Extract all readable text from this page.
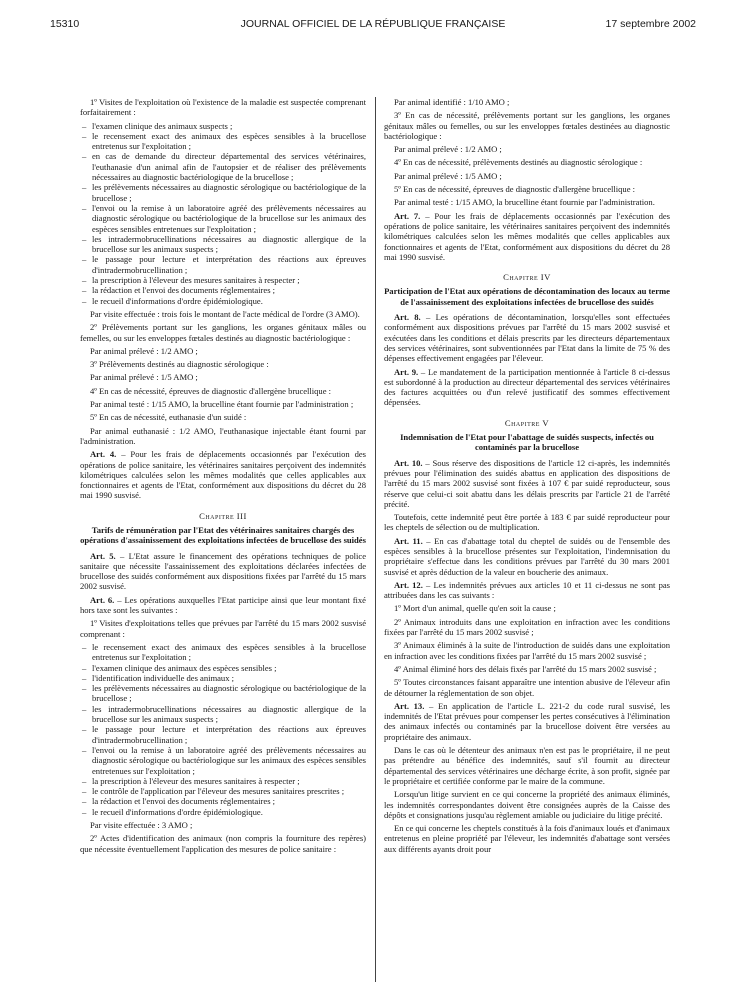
15310	JOURNAL OFFICIEL DE LA RÉPUBLIQUE FRANÇAISE	17 septembre 2002

1º Visites de l'exploitation où l'existence de la maladie est suspectée comprenant forfaitairement :

– l'examen clinique des animaux suspects ;
– le recensement exact des animaux des espèces sensibles à la brucellose entretenus sur l'exploitation ;
– en cas de demande du directeur départemental des services vétérinaires, l'euthanasie d'un animal afin de l'autopsier et de réaliser des prélèvements nécessaires au diagnostic bactériologique de la brucellose ;
– les prélèvements nécessaires au diagnostic sérologique ou bactériologique de la brucellose ;
– l'envoi ou la remise à un laboratoire agréé des prélèvements nécessaires au diagnostic sérologique ou bactériologique de la brucellose sur les animaux des espèces sensibles entretenues sur l'exploitation ;
– les intradermobrucellinations nécessaires au diagnostic allergique de la brucellose sur les animaux suspects ;
– le passage pour lecture et interprétation des réactions aux épreuves d'intradermobrucellination ;
– la prescription à l'éleveur des mesures sanitaires à respecter ;
– la rédaction et l'envoi des documents réglementaires ;
– le recueil d'informations d'ordre épidémiologique.

Par visite effectuée : trois fois le montant de l'acte médical de l'ordre (3 AMO).

2º Prélèvements portant sur les ganglions, les organes génitaux mâles ou femelles, ou sur les enveloppes fœtales destinés au diagnostic bactériologique :

Par animal prélevé : 1/2 AMO ;

3º Prélèvements destinés au diagnostic sérologique :

Par animal prélevé : 1/5 AMO ;

4º En cas de nécessité, épreuves de diagnostic d'allergène brucellique :

Par animal testé : 1/15 AMO, la brucelline étant fournie par l'administration ;

5º En cas de nécessité, euthanasie d'un suidé :

Par animal euthanasié : 1/2 AMO, l'euthanasique injectable étant fourni par l'administration.

Art. 4. – Pour les frais de déplacements occasionnés par l'exécution des opérations de police sanitaire, les vétérinaires sanitaires perçoivent des indemnités kilométriques calculées selon les mêmes modalités que celles applicables aux fonctionnaires et agents de l'Etat, conformément aux dispositions du décret du 28 mai 1990 susvisé.

Chapitre III

Tarifs de rémunération par l'Etat des vétérinaires sanitaires chargés des opérations d'assainissement des exploitations infectées de brucellose des suidés

Art. 5. – L'Etat assure le financement des opérations techniques de police sanitaire que nécessite l'assainissement des exploitations déclarées infectées de brucellose des suidés conformément aux dispositions fixées par l'arrêté du 15 mars 2002 susvisé.

Art. 6. – Les opérations auxquelles l'Etat participe ainsi que leur montant fixé hors taxe sont les suivantes :

1º Visites d'exploitations telles que prévues par l'arrêté du 15 mars 2002 susvisé comprenant :

– le recensement exact des animaux des espèces sensibles à la brucellose entretenus sur l'exploitation ;
– l'examen clinique des animaux des espèces sensibles ;
– l'identification individuelle des animaux ;
– les prélèvements nécessaires au diagnostic sérologique ou bactériologique de la brucellose ;
– les intradermobrucellinations nécessaires au diagnostic allergique de la brucellose sur les animaux suspects ;
– le passage pour lecture et interprétation des réactions aux épreuves d'intradermobrucellination ;
– l'envoi ou la remise à un laboratoire agréé des prélèvements nécessaires au diagnostic sérologique ou bactériologique sur les animaux des espèces sensibles entretenues sur l'exploitation ;
– la prescription à l'éleveur des mesures sanitaires à respecter ;
– le contrôle de l'application par l'éleveur des mesures sanitaires prescrites ;
– la rédaction et l'envoi des documents réglementaires ;
– le recueil d'informations d'ordre épidémiologique.

Par visite effectuée : 3 AMO ;

2º Actes d'identification des animaux (non compris la fourniture des repères) que nécessite éventuellement l'application des mesures de police sanitaire :

Par animal identifié : 1/10 AMO ;

3º En cas de nécessité, prélèvements portant sur les ganglions, les organes génitaux mâles ou femelles, ou sur les enveloppes fœtales destinées au diagnostic bactériologique :

Par animal prélevé : 1/2 AMO ;

4º En cas de nécessité, prélèvements destinés au diagnostic sérologique :

Par animal prélevé : 1/5 AMO ;

5º En cas de nécessité, épreuves de diagnostic d'allergène brucellique :

Par animal testé : 1/15 AMO, la brucelline étant fournie par l'administration.

Art. 7. – Pour les frais de déplacements occasionnés par l'exécution des opérations de police sanitaire, les vétérinaires sanitaires perçoivent des indemnités kilométriques calculées selon les mêmes modalités que celles applicables aux fonctionnaires et agents de l'Etat, conformément aux dispositions du décret du 28 mai 1990 susvisé.

Chapitre IV

Participation de l'Etat aux opérations de décontamination des locaux au terme de l'assainissement des exploitations infectées de brucellose des suidés

Art. 8. – Les opérations de décontamination, lorsqu'elles sont effectuées conformément aux dispositions prévues par l'arrêté du 15 mars 2002 susvisé et exécutées dans les conditions et délais prescrits par les directeurs départementaux des services vétérinaires, sont subventionnées par l'Etat dans la limite de 75 % des dépenses effectivement engagées par l'éleveur.

Art. 9. – Le mandatement de la participation mentionnée à l'article 8 ci-dessus est subordonné à la production au directeur départemental des services vétérinaires des factures acquittées ou d'un relevé justificatif des sommes effectivement dépensées.

Chapitre V

Indemnisation de l'Etat pour l'abattage de suidés suspects, infectés ou contaminés par la brucellose

Art. 10. – Sous réserve des dispositions de l'article 12 ci-après, les indemnités prévues pour l'élimination des suidés abattus en application des dispositions de l'arrêté du 15 mars 2002 susvisé sont fixées à 107 € par suidé reproducteur, sous réserve que celui-ci soit abattu dans les délais prescrits par l'article 21 de l'arrêté précité.

Toutefois, cette indemnité peut être portée à 183 € par suidé reproducteur pour les cheptels de sélection ou de multiplication.

Art. 11. – En cas d'abattage total du cheptel de suidés ou de l'ensemble des espèces sensibles à la brucellose présentes sur l'exploitation, l'indemnisation du propriétaire s'effectue dans les conditions prévues par l'arrêté du 30 mars 2001 susvisé et après déduction de la valeur en boucherie des animaux.

Art. 12. – Les indemnités prévues aux articles 10 et 11 ci-dessus ne sont pas attribuées dans les cas suivants :

1º Mort d'un animal, quelle qu'en soit la cause ;

2º Animaux introduits dans une exploitation en infraction avec les conditions fixées par l'arrêté du 15 mars 2002 susvisé ;

3º Animaux éliminés à la suite de l'introduction de suidés dans une exploitation en infraction avec les conditions fixées par l'arrêté du 15 mars 2002 susvisé ;

4º Animal éliminé hors des délais fixés par l'arrêté du 15 mars 2002 susvisé ;

5º Toutes circonstances faisant apparaître une intention abusive de l'éleveur afin de détourner la réglementation de son objet.

Art. 13. – En application de l'article L. 221-2 du code rural susvisé, les indemnités de l'Etat prévues pour compenser les pertes consécutives à l'élimination des animaux infectés ou contaminés par la brucellose doivent être versées au propriétaire des animaux.

Dans le cas où le détenteur des animaux n'en est pas le propriétaire, il ne peut pas prétendre au bénéfice des indemnités, sauf s'il fournit au directeur départemental des services vétérinaires une décharge écrite, à son profit, signée par le propriétaire et certifiée conforme par le maire de la commune.

Lorsqu'un litige survient en ce qui concerne la propriété des animaux éliminés, les indemnités correspondantes doivent être consignées auprès de la Caisse des dépôts et consignations jusqu'au règlement amiable ou judiciaire du litige précité.

En ce qui concerne les cheptels constitués à la fois d'animaux loués et d'animaux entretenus en pleine propriété par l'éleveur, les indemnités d'abattage sont versées aux différents ayants droit pour
